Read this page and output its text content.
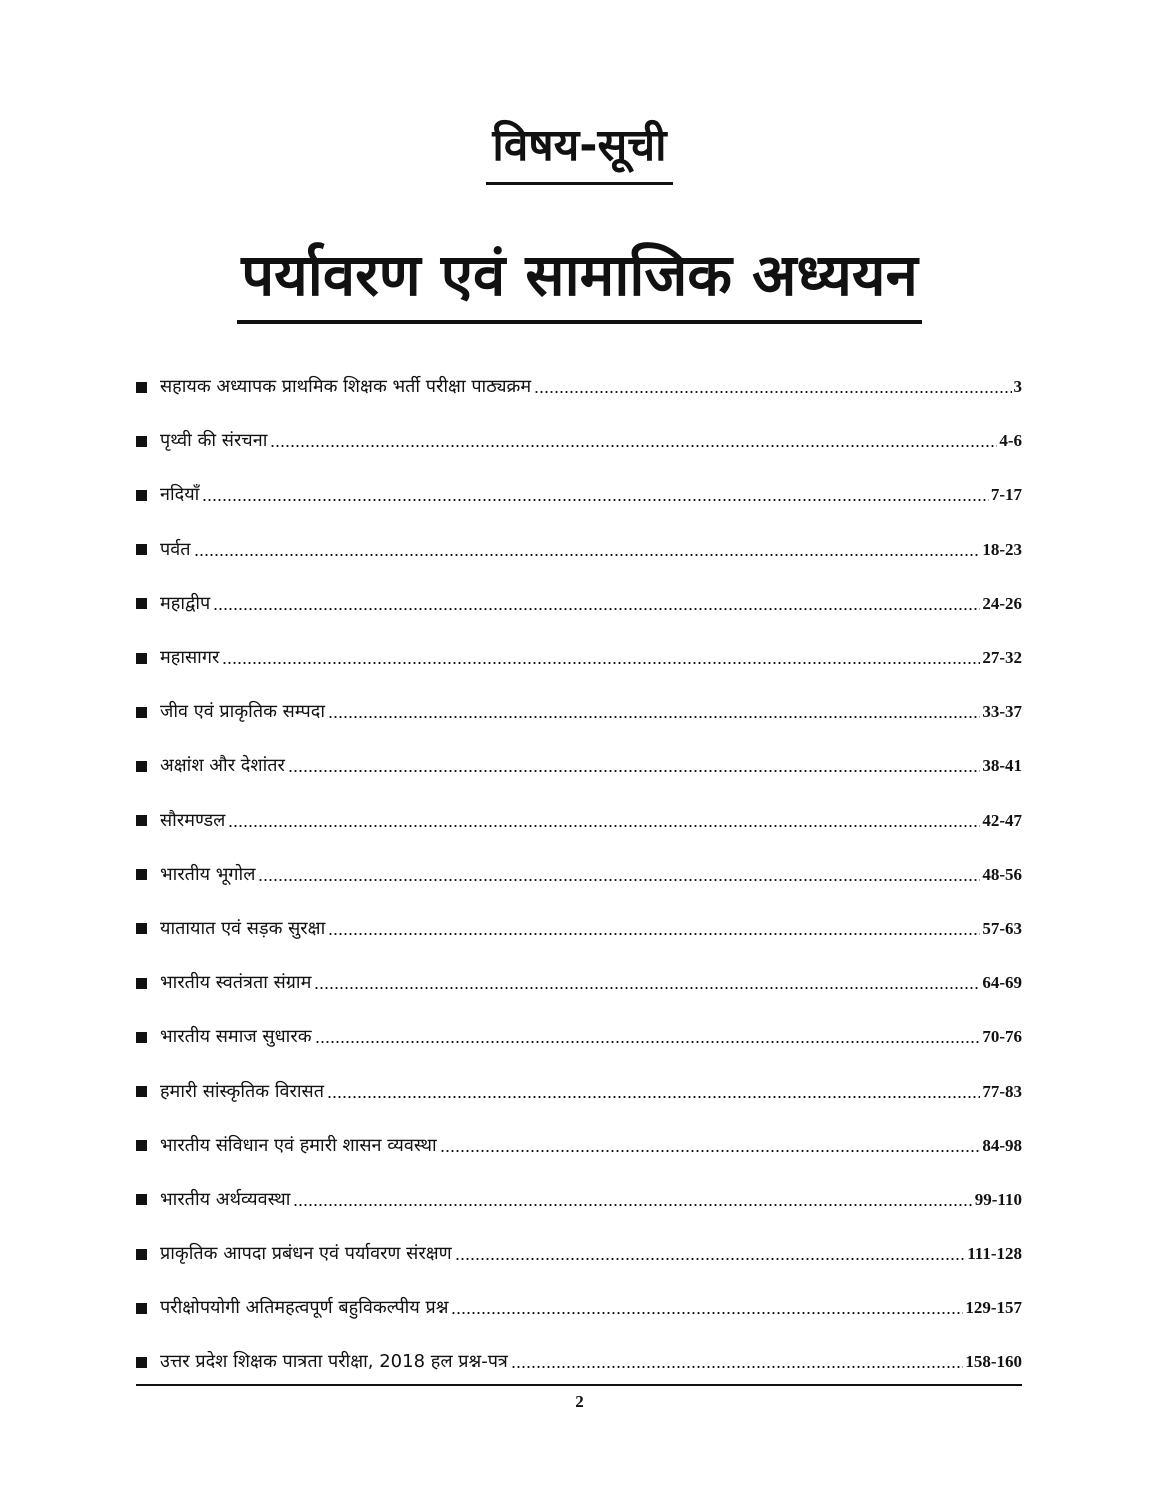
विषय-सूची
पर्यावरण एवं सामाजिक अध्ययन
सहायक अध्यापक प्राथमिक शिक्षक भर्ती परीक्षा पाठ्यक्रम	3
पृथ्वी की संरचना	4-6
नदियाँ	7-17
पर्वत	18-23
महाद्वीप	24-26
महासागर	27-32
जीव एवं प्राकृतिक सम्पदा	33-37
अक्षांश और देशांतर	38-41
सौरमण्डल	42-47
भारतीय भूगोल	48-56
यातायात एवं सड़क सुरक्षा	57-63
भारतीय स्वतंत्रता संग्राम	64-69
भारतीय समाज सुधारक	70-76
हमारी सांस्कृतिक विरासत	77-83
भारतीय संविधान एवं हमारी शासन व्यवस्था	84-98
भारतीय अर्थव्यवस्था	99-110
प्राकृतिक आपदा प्रबंधन एवं पर्यावरण संरक्षण	111-128
परीक्षोपयोगी अतिमहत्वपूर्ण बहुविकल्पीय प्रश्न	129-157
उत्तर प्रदेश शिक्षक पात्रता परीक्षा, 2018 हल प्रश्न-पत्र	158-160
2
